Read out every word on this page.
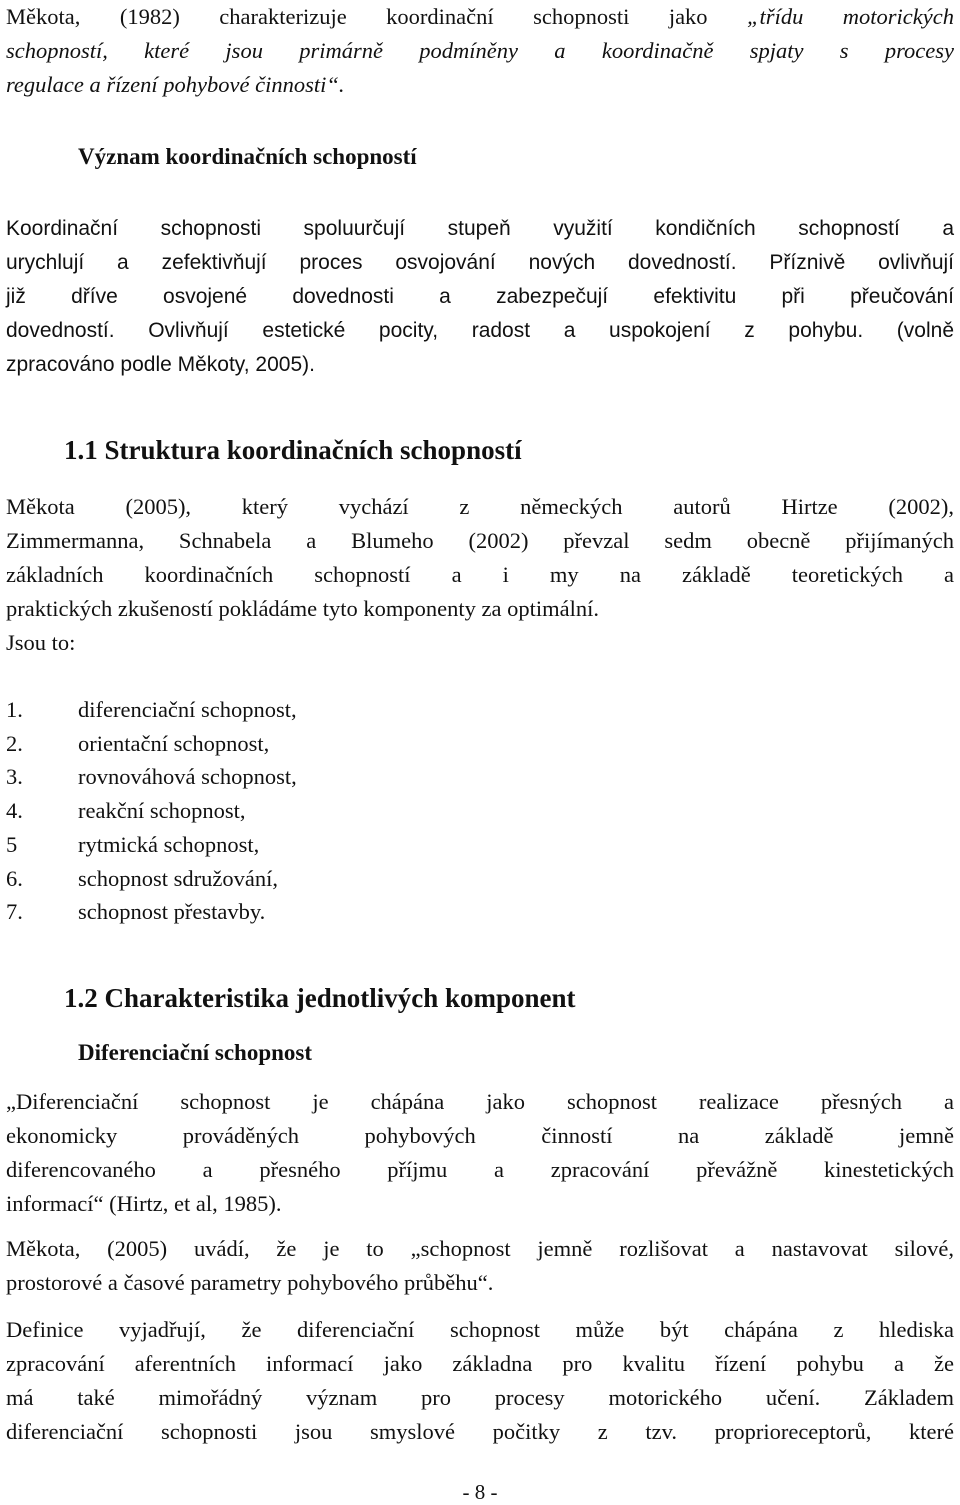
Měkota, (1982) charakterizuje koordinační schopnosti jako „třídu motorických
schopností, které jsou primárně podmíněny a koordinačně spjaty s procesy
regulace a řízení pohybové činnosti“.

Význam koordinačních schopností

Koordinační schopnosti spoluurčují stupeň využití kondičních schopností a
urychlují a zefektivňují proces osvojování nových dovedností. Příznivě ovlivňují
již dříve osvojené dovednosti a zabezpečují efektivitu při přeučování
dovedností. Ovlivňují estetické pocity, radost a uspokojení z pohybu. (volně
zpracováno podle Měkoty, 2005).

1.1 Struktura koordinačních schopností

Měkota (2005), který vychází z německých autorů Hirtze (2002),
Zimmermanna, Schnabela a Blumeho (2002) převzal sedm obecně přijímaných
základních koordinačních schopností a i my na základě teoretických a
praktických zkušeností pokládáme tyto komponenty za optimální.
Jsou to:

1. diferenciační schopnost,
2. orientační schopnost,
3. rovnováhová schopnost,
4. reakční schopnost,
5	rytmická schopnost,
6. schopnost sdružování,
7. schopnost přestavby.
1.2 Charakteristika jednotlivých komponent
Diferenciační schopnost

„Diferenciační schopnost je chápána jako schopnost realizace přesných a
ekonomicky prováděných pohybových činností na základě jemně
diferencovaného a přesného příjmu a zpracování převážně kinestetických
informací“ (Hirtz, et al, 1985).

Měkota, (2005) uvádí, že je to „schopnost jemně rozlišovat a nastavovat silové,
prostorové a časové parametry pohybového průběhu“.

Definice vyjadřují, že diferenciační schopnost může být chápána z hlediska
zpracování aferentních informací jako základna pro kvalitu řízení pohybu a že
má také mimořádný význam pro procesy motorického učení. Základem
diferenciační schopnosti jsou smyslové počitky z tzv. proprioreceptorů, které

- 8 -
